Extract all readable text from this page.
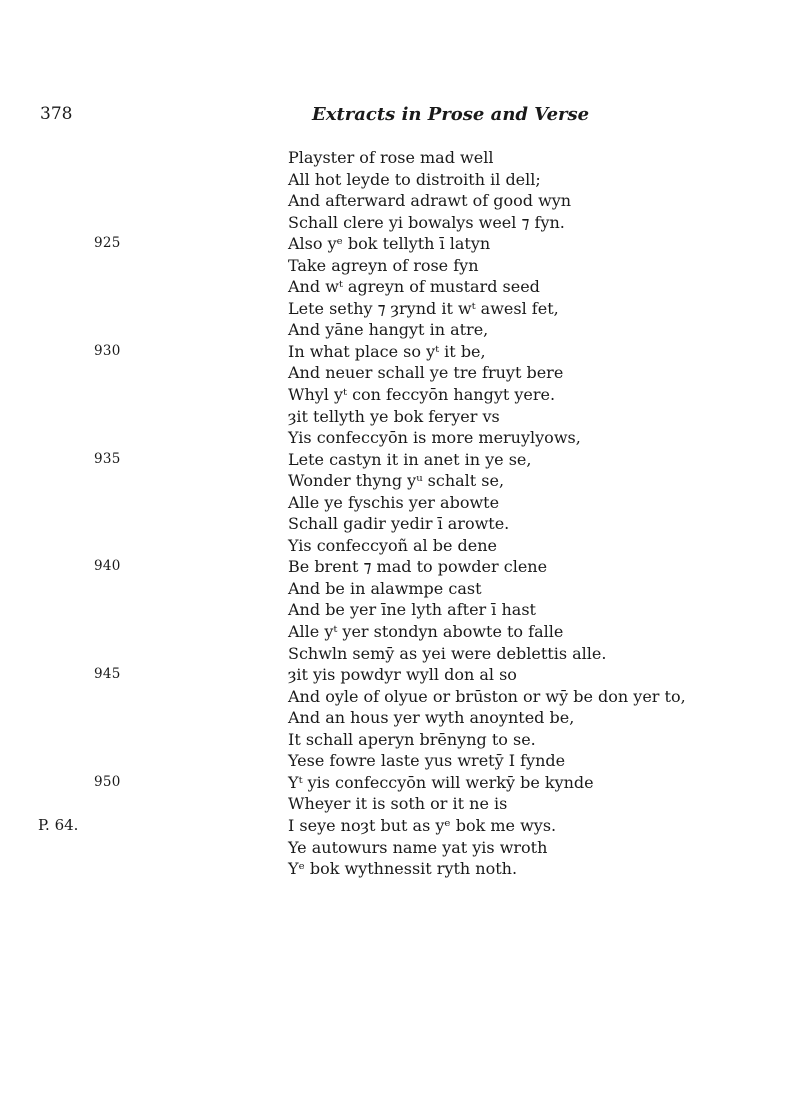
378	Extracts in Prose and Verse
Playster of rose mad well
All hot leyde to distroith il dell;
And afterward adrawt of good wyn
Schall clere yi bowalys weel ⁊ fyn.
925	Also yᵉ bok tellyth ī latyn
Take agreyn of rose fyn
And wᵗ agreyn of mustard seed
Lete sethy ⁊ ȝrynd it wᵗ awesl fet,
And yāne hangyt in atre,
930	In what place so yᵗ it be,
And neuer schall ye tre fruyt bere
Whyl yᵗ con feccyōn hangyt yere.
ȝit tellyth ye bok feryer vs
Yis confeccyōn is more meruylyows,
935	Lete castyn it in anet in ye se,
Wonder thyng yᵘ schalt se,
Alle ye fyschis yer abowte
Schall gadir yedir ī arowte.
Yis confeccyoñ al be dene
940	Be brent ⁊ mad to powder clene
And be in alawmpe cast
And be yer īne lyth after ī hast
Alle yᵗ yer stondyn abowte to falle
Schwln semȳ as yei were deblettis alle.
945	ȝit yis powdyr wyll don al so
And oyle of olyue or brūston or wȳ be don yer to,
And an hous yer wyth anoynted be,
It schall aperyn brēnyng to se.
Yese fowre laste yus wretȳ I fynde
950	Yᵗ yis confeccyōn will werkȳ be kynde
Wheyer it is soth or it ne is
P. 64.	I seye noȝt but as yᵉ bok me wys.
Ye autowurs name yat yis wroth
Yᵉ bok wythnessit ryth noth.
